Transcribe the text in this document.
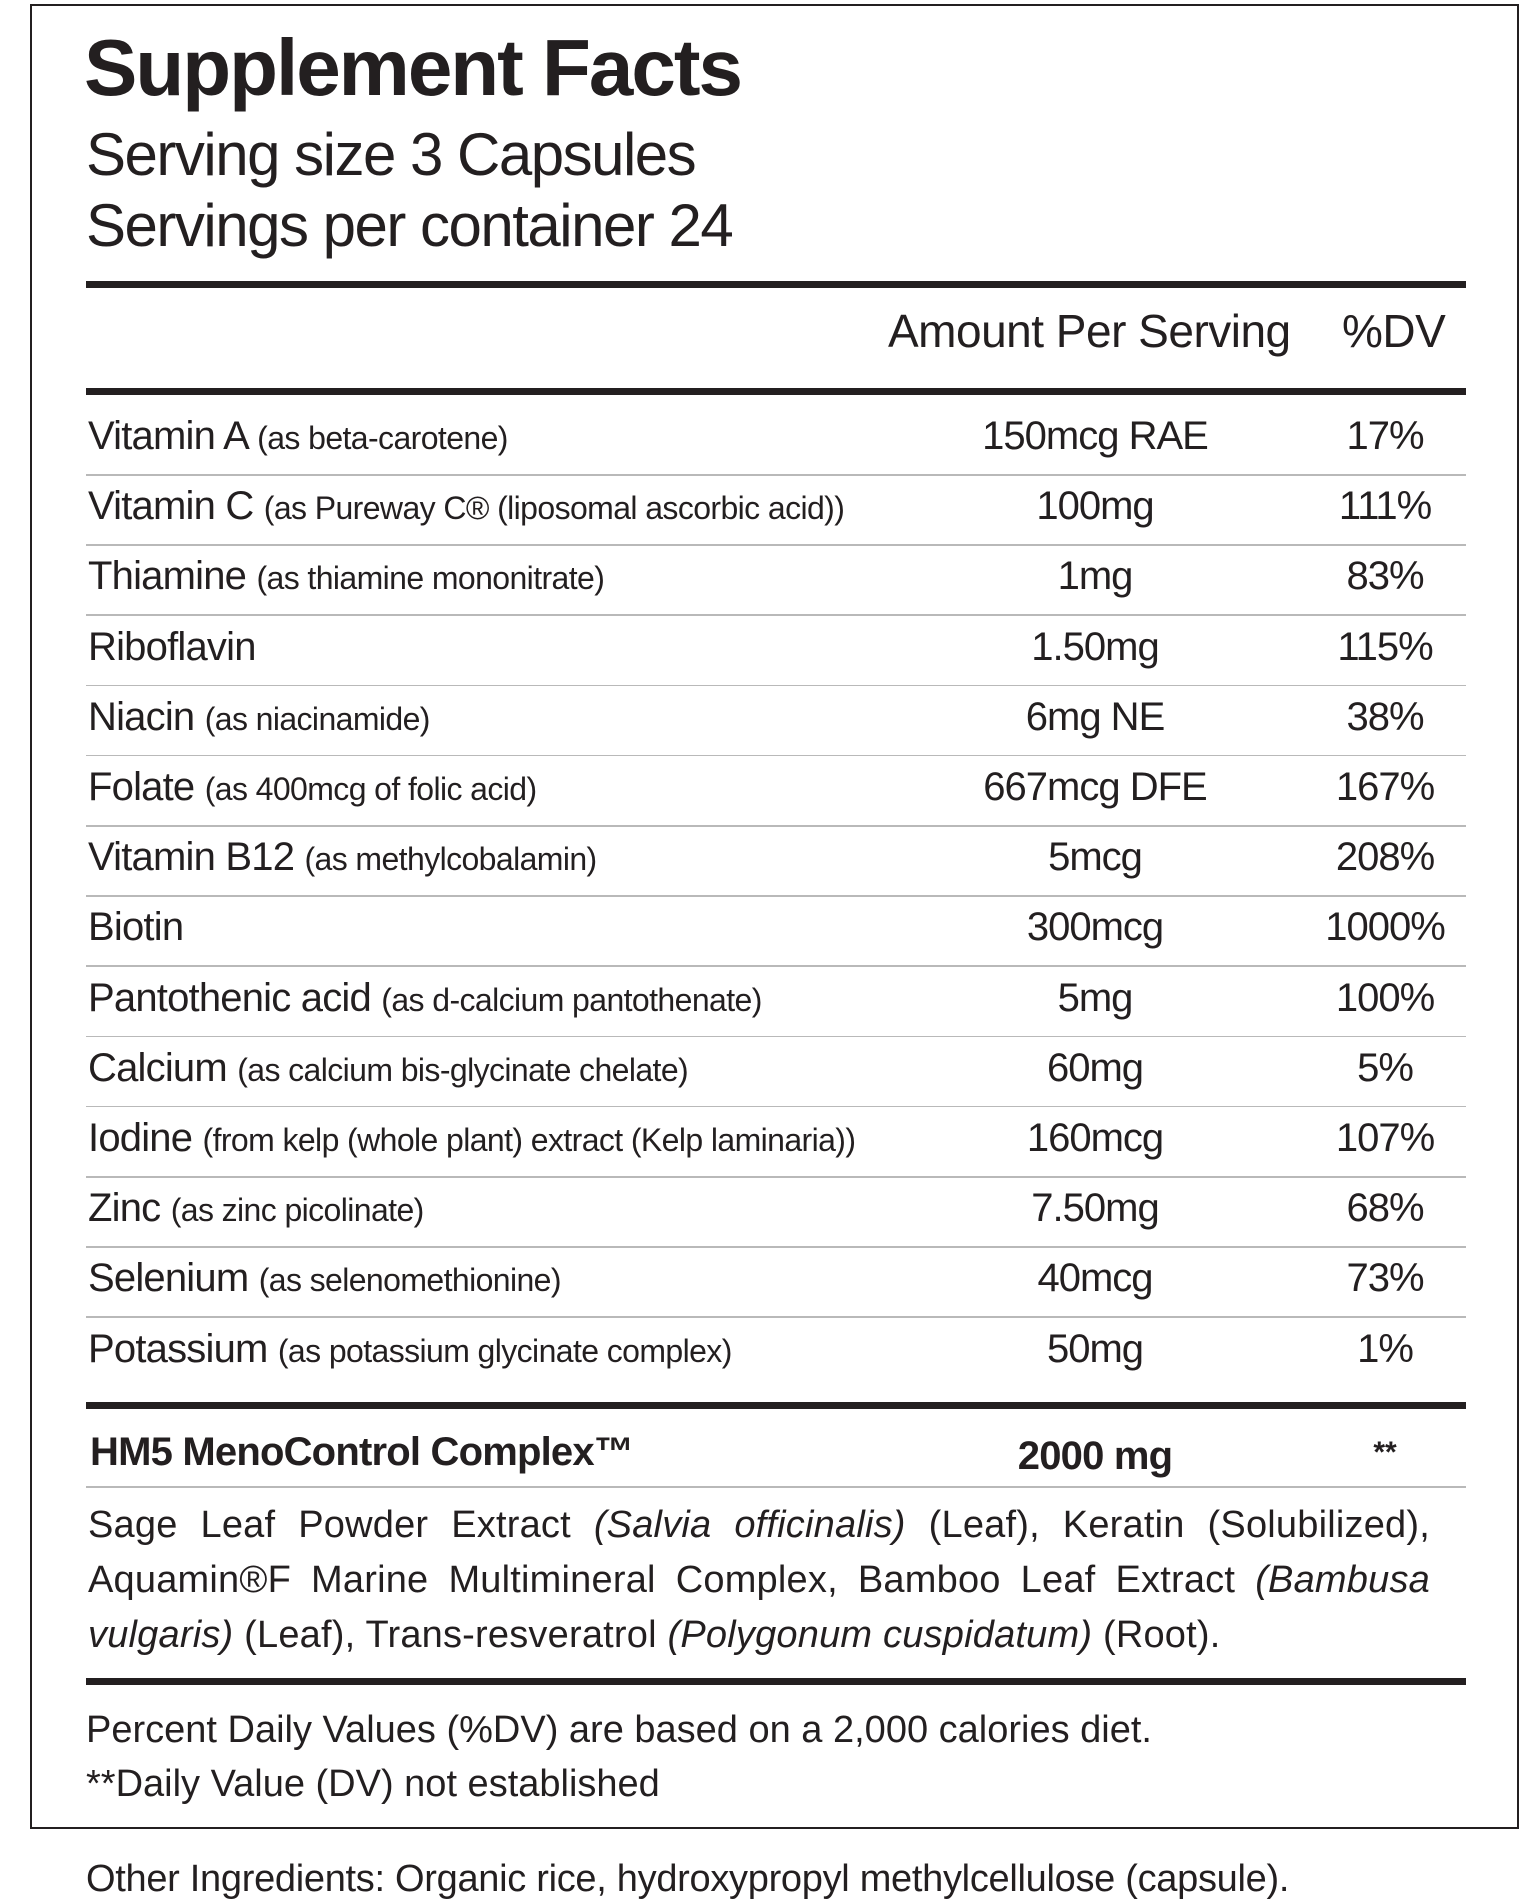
Supplement Facts
Serving size 3 Capsules
Servings per container 24
Amount Per Serving %DV
Vitamin A (as beta-carotene)	150mcg RAE	17%
Vitamin C (as Pureway C® (liposomal ascorbic acid))	100mg	111%
Thiamine (as thiamine mononitrate)	1mg	83%
Riboflavin	1.50mg	115%
Niacin (as niacinamide)	6mg NE	38%
Folate (as 400mcg of folic acid)	667mcg DFE	167%
Vitamin B12 (as methylcobalamin)	5mcg	208%
Biotin	300mcg	1000%
Pantothenic acid (as d-calcium pantothenate)	5mg	100%
Calcium (as calcium bis-glycinate chelate)	60mg	5%
Iodine (from kelp (whole plant) extract (Kelp laminaria))	160mcg	107%
Zinc (as zinc picolinate)	7.50mg	68%
Selenium (as selenomethionine)	40mcg	73%
Potassium (as potassium glycinate complex)	50mg	1%
HM5 MenoControl Complex™	2000 mg	**
Sage Leaf Powder Extract (Salvia officinalis) (Leaf), Keratin (Solubilized), Aquamin®F Marine Multimineral Complex, Bamboo Leaf Extract (Bambusa vulgaris) (Leaf), Trans-resveratrol (Polygonum cuspidatum) (Root).
Percent Daily Values (%DV) are based on a 2,000 calories diet.
**Daily Value (DV) not established
Other Ingredients: Organic rice, hydroxypropyl methylcellulose (capsule).
